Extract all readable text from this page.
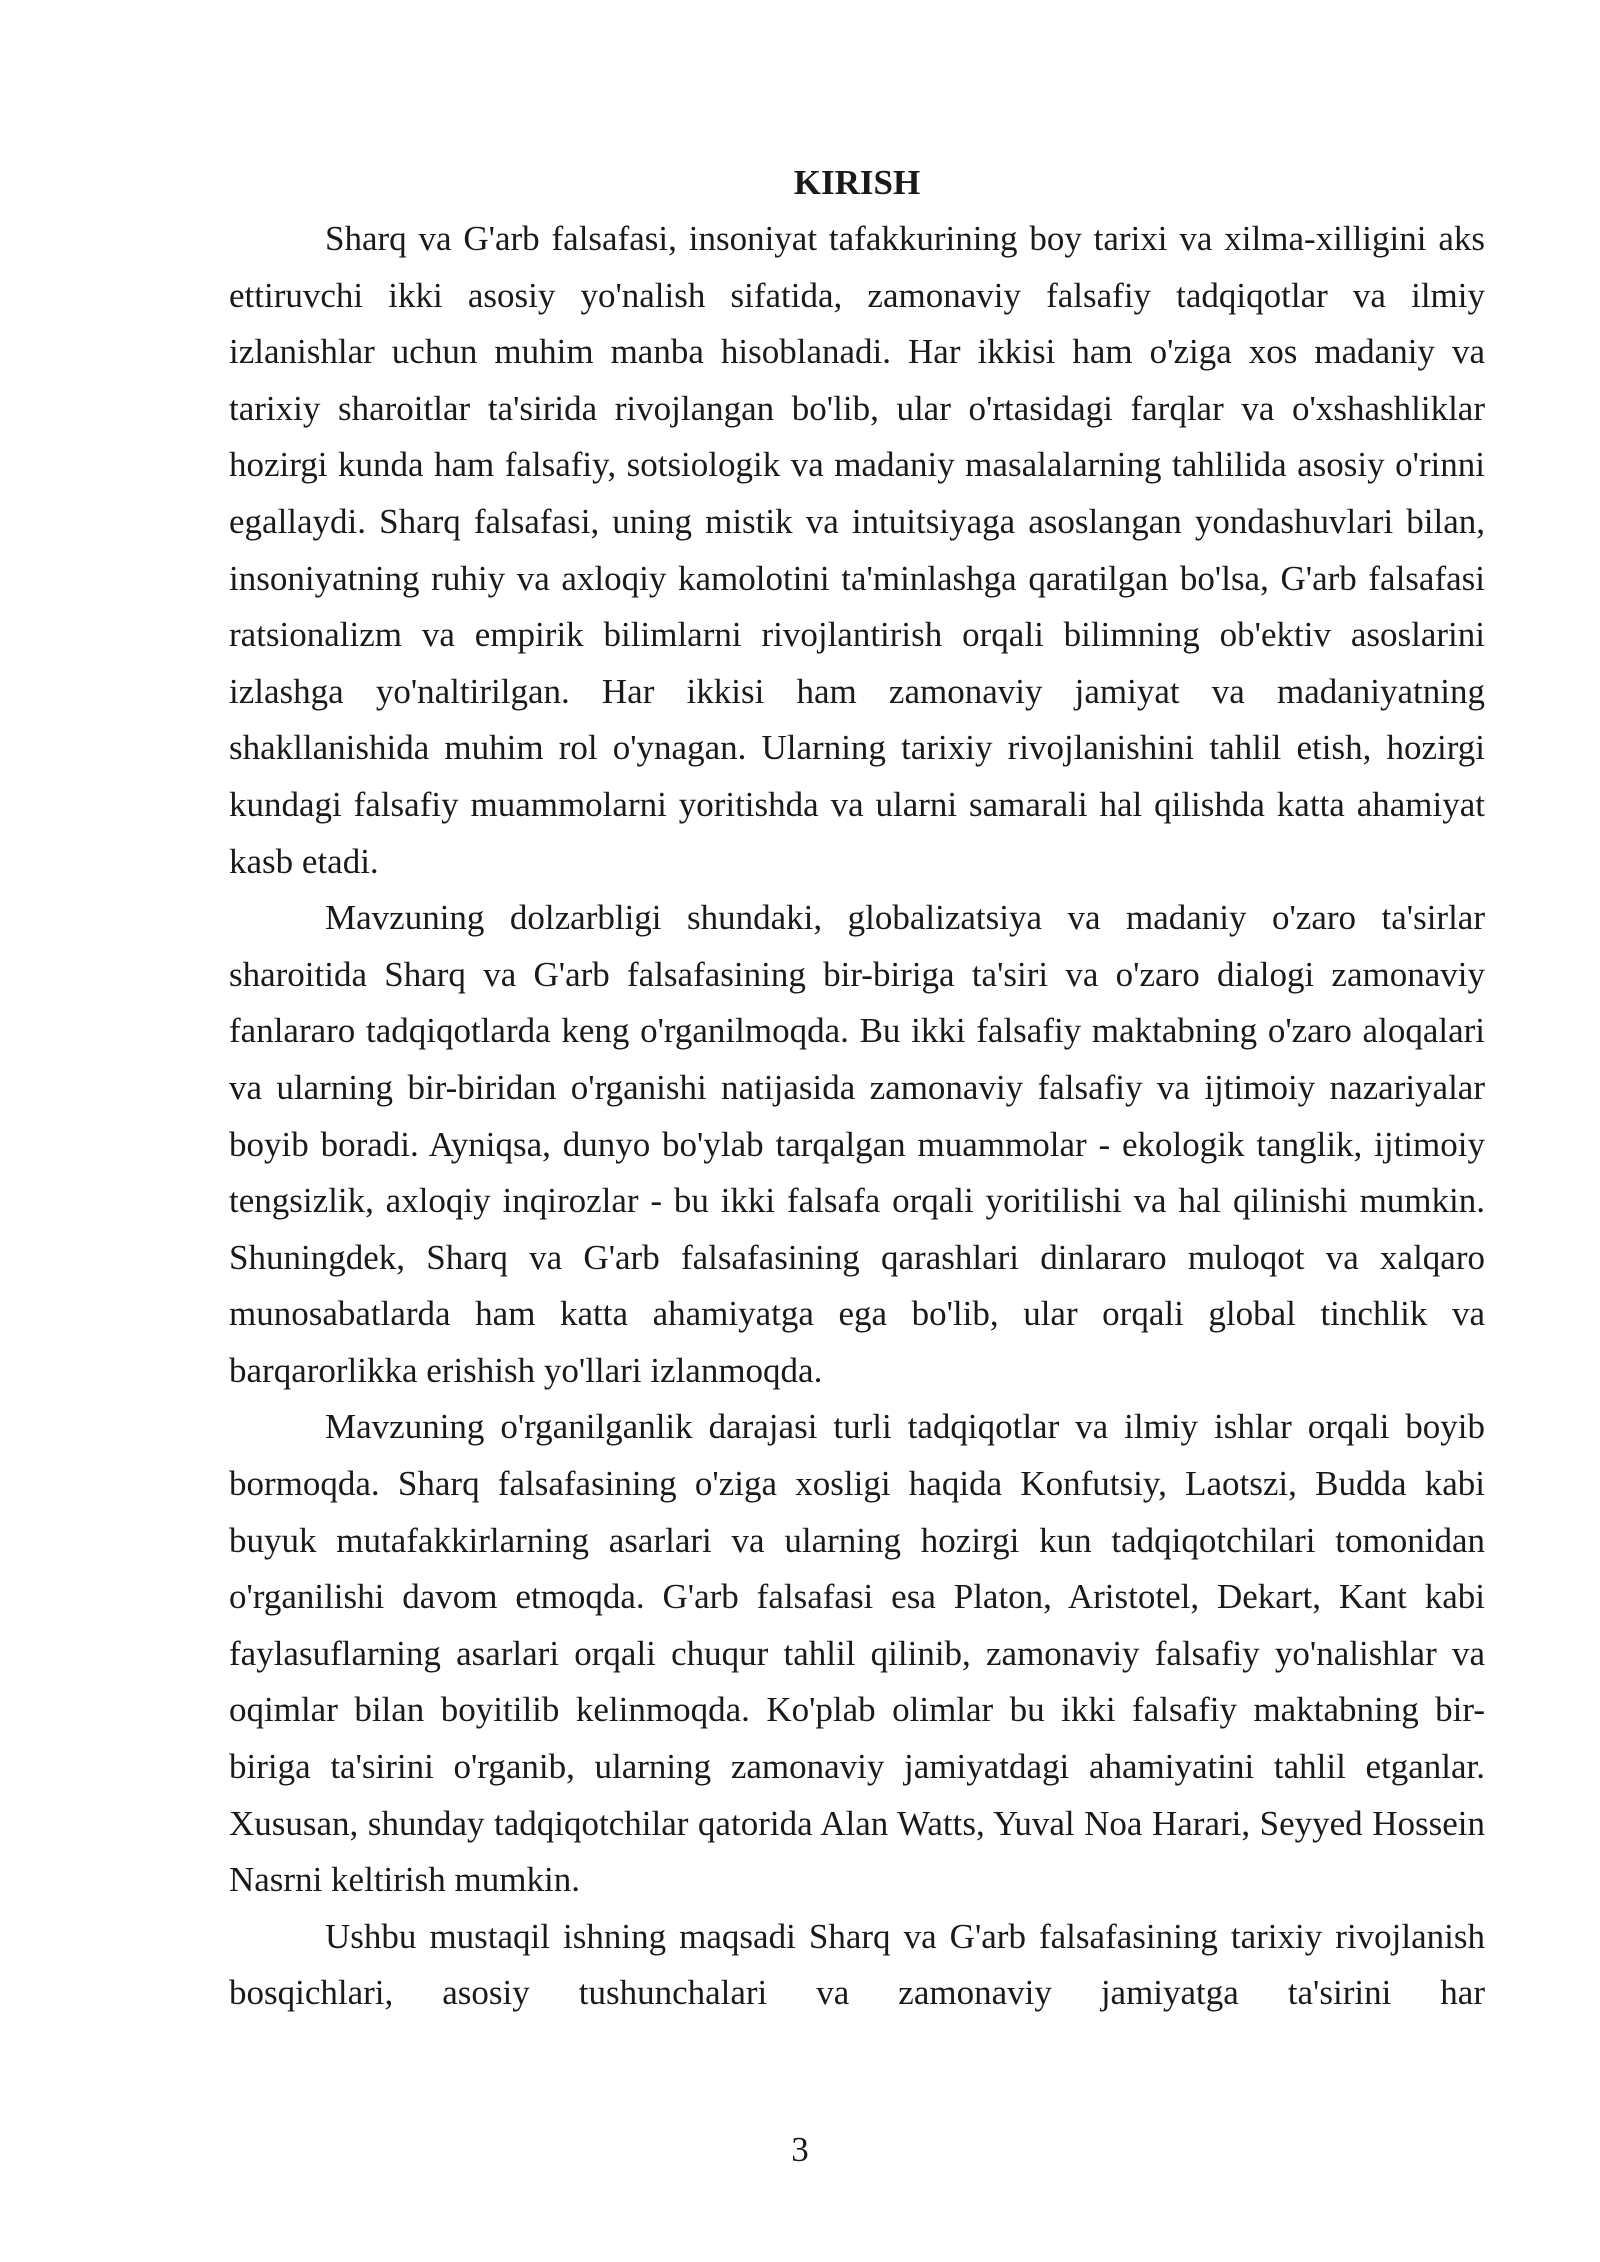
KIRISH

Sharq va G'arb falsafasi, insoniyat tafakkurining boy tarixi va xilma-xilligini aks ettiruvchi ikki asosiy yo'nalish sifatida, zamonaviy falsafiy tadqiqotlar va ilmiy izlanishlar uchun muhim manba hisoblanadi. Har ikkisi ham o'ziga xos madaniy va tarixiy sharoitlar ta'sirida rivojlangan bo'lib, ular o'rtasidagi farqlar va o'xshashliklar hozirgi kunda ham falsafiy, sotsiologik va madaniy masalalarning tahlilida asosiy o'rinni egallaydi. Sharq falsafasi, uning mistik va intuitsiyaga asoslangan yondashuvlari bilan, insoniyatning ruhiy va axloqiy kamolotini ta'minlashga qaratilgan bo'lsa, G'arb falsafasi ratsionalizm va empirik bilimlarni rivojlantirish orqali bilimning ob'ektiv asoslarini izlashga yo'naltirilgan. Har ikkisi ham zamonaviy jamiyat va madaniyatning shakllanishida muhim rol o'ynagan. Ularning tarixiy rivojlanishini tahlil etish, hozirgi kundagi falsafiy muammolarni yoritishda va ularni samarali hal qilishda katta ahamiyat kasb etadi.

Mavzuning dolzarbligi shundaki, globalizatsiya va madaniy o'zaro ta'sirlar sharoitida Sharq va G'arb falsafasining bir-biriga ta'siri va o'zaro dialogi zamonaviy fanlararo tadqiqotlarda keng o'rganilmoqda. Bu ikki falsafiy maktabning o'zaro aloqalari va ularning bir-biridan o'rganishi natijasida zamonaviy falsafiy va ijtimoiy nazariyalar boyib boradi. Ayniqsa, dunyo bo'ylab tarqalgan muammolar - ekologik tanglik, ijtimoiy tengsizlik, axloqiy inqirozlar - bu ikki falsafa orqali yoritilishi va hal qilinishi mumkin. Shuningdek, Sharq va G'arb falsafasining qarashlari dinlararo muloqot va xalqaro munosabatlarda ham katta ahamiyatga ega bo'lib, ular orqali global tinchlik va barqarorlikka erishish yo'llari izlanmoqda.

Mavzuning o'rganilganlik darajasi turli tadqiqotlar va ilmiy ishlar orqali boyib bormoqda. Sharq falsafasining o'ziga xosligi haqida Konfutsiy, Laotszi, Budda kabi buyuk mutafakkirlarning asarlari va ularning hozirgi kun tadqiqotchilari tomonidan o'rganilishi davom etmoqda. G'arb falsafasi esa Platon, Aristotel, Dekart, Kant kabi faylasuflarning asarlari orqali chuqur tahlil qilinib, zamonaviy falsafiy yo'nalishlar va oqimlar bilan boyitilib kelinmoqda. Ko'plab olimlar bu ikki falsafiy maktabning bir-biriga ta'sirini o'rganib, ularning zamonaviy jamiyatdagi ahamiyatini tahlil etganlar. Xususan, shunday tadqiqotchilar qatorida Alan Watts, Yuval Noa Harari, Seyyed Hossein Nasrni keltirish mumkin.

Ushbu mustaqil ishning maqsadi Sharq va G'arb falsafasining tarixiy rivojlanish bosqichlari, asosiy tushunchalari va zamonaviy jamiyatga ta'sirini har

3
